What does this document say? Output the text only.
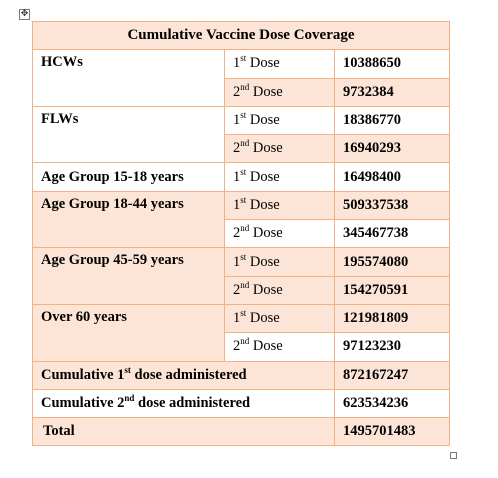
✥
Cumulative Vaccine Dose Coverage		
HCWs	1st Dose	10388650
	2nd Dose	9732384
FLWs	1st Dose	18386770
	2nd Dose	16940293
Age Group 15-18 years	1st Dose	16498400
Age Group 18-44 years	1st Dose	509337538
	2nd Dose	345467738
Age Group 45-59 years	1st Dose	195574080
	2nd Dose	154270591
Over 60 years	1st Dose	121981809
	2nd Dose	97123230
Cumulative 1st dose administered		872167247
Cumulative 2nd dose administered		623534236
Total		1495701483
